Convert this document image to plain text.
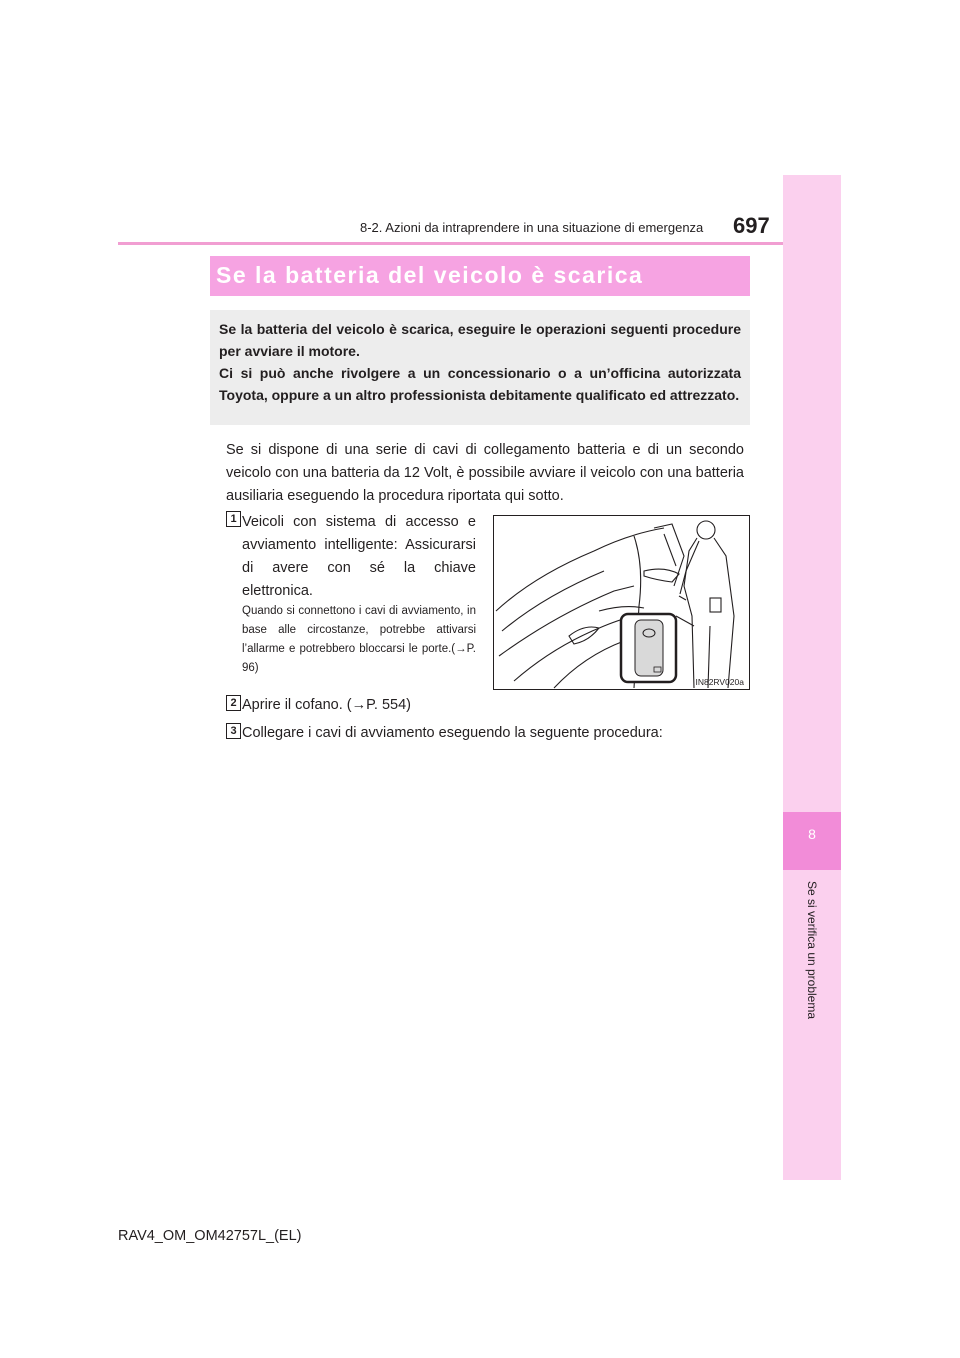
8
Se si verifica un problema
8-2. Azioni da intraprendere in una situazione di emergenza 697
Se la batteria del veicolo è scarica

Se la batteria del veicolo è scarica, eseguire le operazioni seguenti procedure per avviare il motore.

Ci si può anche rivolgere a un concessionario o a un’officina autorizzata Toyota, oppure a un altro professionista debitamente qualificato ed attrezzato.

Se si dispone di una serie di cavi di collegamento batteria e di un secondo veicolo con una batteria da 12 Volt, è possibile avviare il veicolo con una batteria ausiliaria eseguendo la procedura riportata qui sotto.
1 Veicoli con sistema di accesso e avviamento intelligente: Assicurarsi di avere con sé la chiave elettronica.
Quando si connettono i cavi di avviamento, in base alle circostanze, potrebbe attivarsi l’allarme e potrebbero bloccarsi le porte.(→P. 96)
IN82RV020a
2 Aprire il cofano. (→P. 554)
3 Collegare i cavi di avviamento eseguendo la seguente procedura:
RAV4_OM_OM42757L_(EL)
